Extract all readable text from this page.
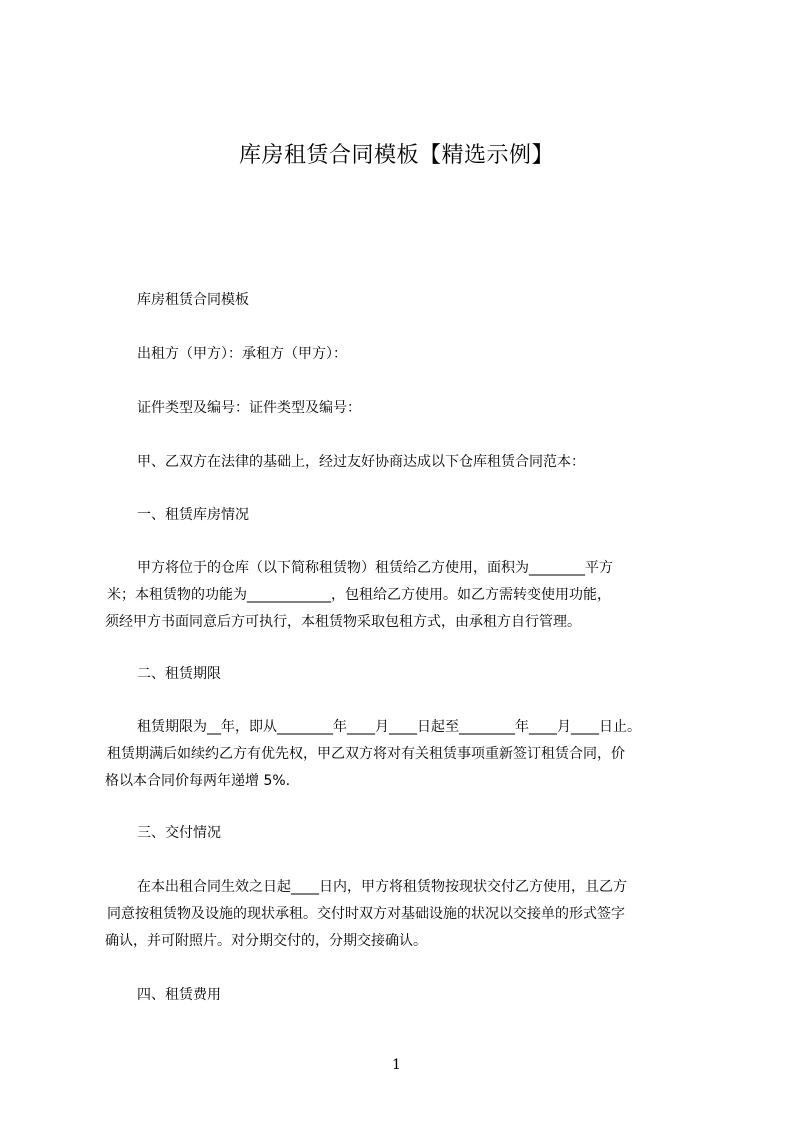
库房租赁合同模板【精选示例】

库房租赁合同模板

出租方（甲方）：承租方（甲方）：

证件类型及编号：证件类型及编号：

甲、乙双方在法律的基础上，经过友好协商达成以下仓库租赁合同范本：

一、租赁库房情况

甲方将位于的仓库（以下简称租赁物）租赁给乙方使用，面积为________平方
米；本租赁物的功能为____________，包租给乙方使用。如乙方需转变使用功能，
须经甲方书面同意后方可执行，本租赁物采取包租方式，由承租方自行管理。

二、租赁期限

租赁期限为__年，即从________年____月____日起至________年____月____日止。
租赁期满后如续约乙方有优先权，甲乙双方将对有关租赁事项重新签订租赁合同，价
格以本合同价每两年递增 5%.

三、交付情况

在本出租合同生效之日起____日内，甲方将租赁物按现状交付乙方使用，且乙方
同意按租赁物及设施的现状承租。交付时双方对基础设施的状况以交接单的形式签字
确认，并可附照片。对分期交付的，分期交接确认。

四、租赁费用

1
